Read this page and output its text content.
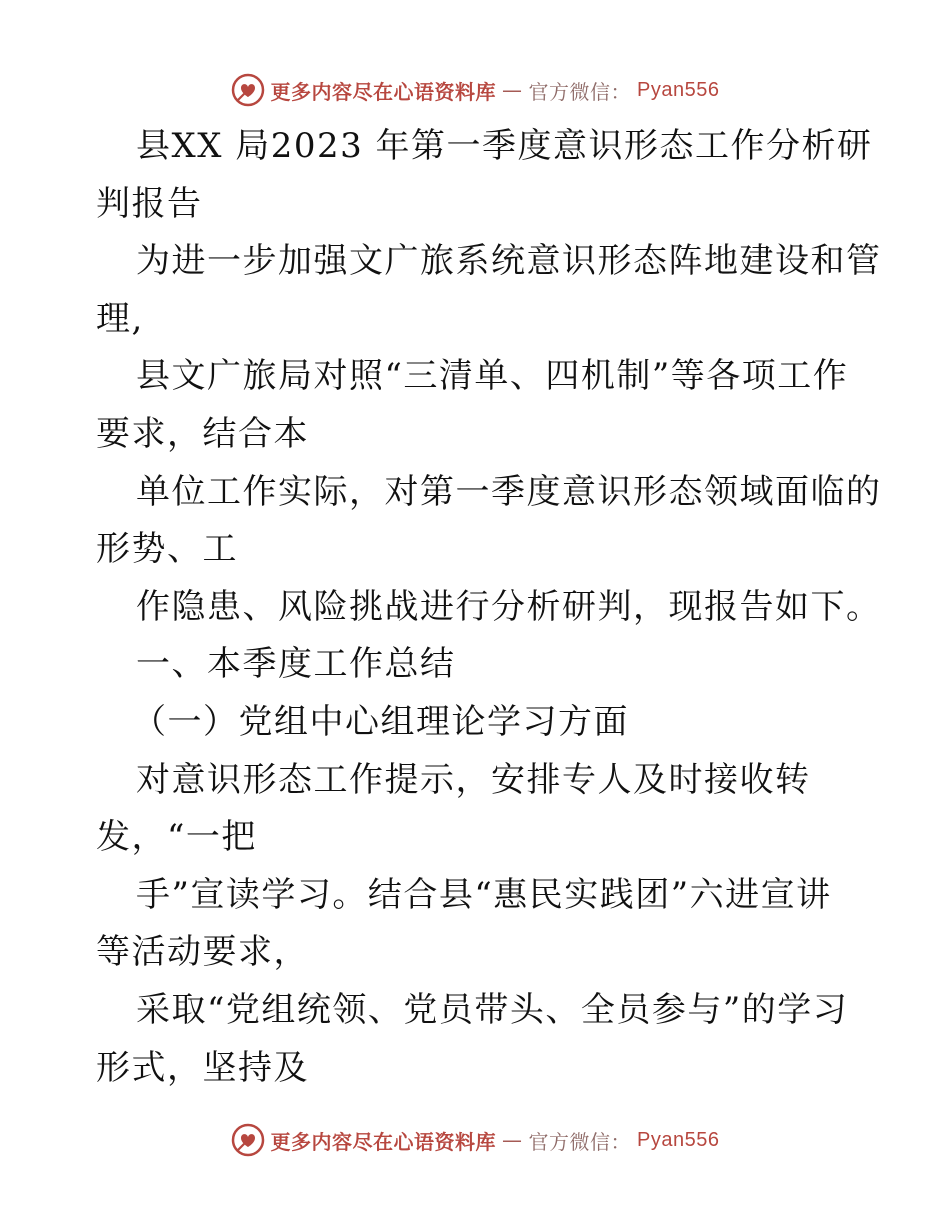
更多内容尽在心语资料库 — 官方微信： Pyan556
县XX 局2023 年第一季度意识形态工作分析研
判报告
为进一步加强文广旅系统意识形态阵地建设和管
理,
县文广旅局对照“三清单、四机制”等各项工作
要求，结合本
单位工作实际，对第一季度意识形态领域面临的
形势、工
作隐患、风险挑战进行分析研判，现报告如下。
一、本季度工作总结
（一）党组中心组理论学习方面
对意识形态工作提示，安排专人及时接收转
发，“一把
手”宣读学习。结合县“惠民实践团”六进宣讲
等活动要求，
采取“党组统领、党员带头、全员参与”的学习
形式，坚持及
更多内容尽在心语资料库 — 官方微信： Pyan556
